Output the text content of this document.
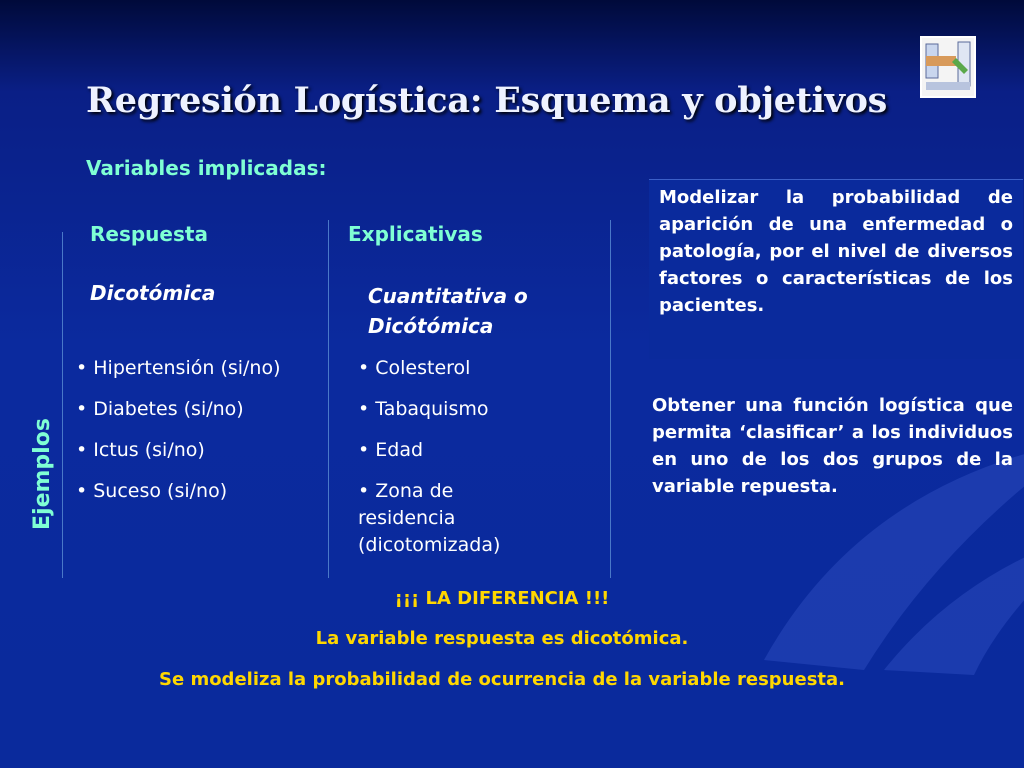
Regresión Logística: Esquema y objetivos
Variables implicadas:
Respuesta
Dicotómica
• Hipertensión (si/no)
• Diabetes (si/no)
• Ictus (si/no)
• Suceso (si/no)
Explicativas
Cuantitativa o Dicótómica
• Colesterol
• Tabaquismo
• Edad
• Zona de residencia (dicotomizada)
Ejemplos
Modelizar la probabilidad de aparición de una enfermedad o patología, por el nivel de diversos factores o características de los pacientes.
Obtener una función logística que permita ‘clasificar’ a los individuos en uno de los dos grupos de la variable repuesta.
¡¡¡ LA DIFERENCIA !!!
La variable respuesta es dicotómica.
Se modeliza la probabilidad de ocurrencia de la variable respuesta.
